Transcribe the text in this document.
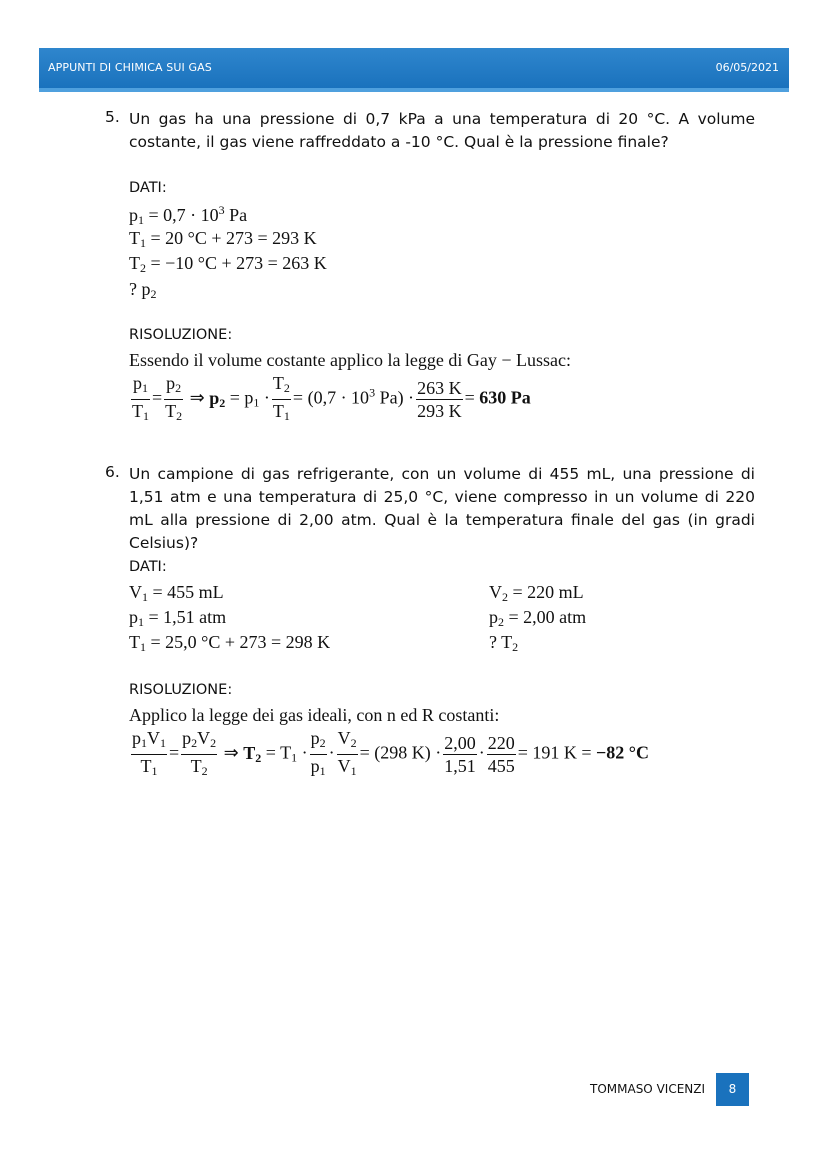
APPUNTI DI CHIMICA SUI GAS	06/05/2021
5. Un gas ha una pressione di 0,7 kPa a una temperatura di 20 °C. A volume costante, il gas viene raffreddato a -10 °C. Qual è la pressione finale?
DATI:
$p_1 = 0,7 \cdot 10^3$ Pa
$T_1 = 20$ °C + 273 = 293 K
$T_2 = -10$ °C + 273 = 263 K
? $p_2$
RISOLUZIONE:
Essendo il volume costante applico la legge di Gay − Lussac:
$\frac{p_1}{T_1} = \frac{p_2}{T_2}$ ⇒ $p_2 = p_1 \cdot \frac{T_2}{T_1} = (0,7 \cdot 10^3$ $Pa) \cdot \frac{263 K}{293 K} = 630$ Pa
6. Un campione di gas refrigerante, con un volume di 455 mL, una pressione di 1,51 atm e una temperatura di 25,0 °C, viene compresso in un volume di 220 mL alla pressione di 2,00 atm. Qual è la temperatura finale del gas (in gradi Celsius)?
DATI:
$V_1 = 455$ mL
$p_1 = 1,51$ atm
$T_1 = 25,0$ °C + 273 = 298 K
$V_2 = 220$ mL
$p_2 = 2,00$ atm
? $T_2$
RISOLUZIONE:
Applico la legge dei gas ideali, con n ed R costanti:
$\frac{p_1V_1}{T_1} = \frac{p_2V_2}{T_2}$ ⇒ $T_2 = T_1 \cdot \frac{p_2}{p_1} \cdot \frac{V_2}{V_1} = (298$ $K) \cdot \frac{2,00}{1,51} \cdot \frac{220}{455} = 191$ K = −82 °C
TOMMASO VICENZI	8
